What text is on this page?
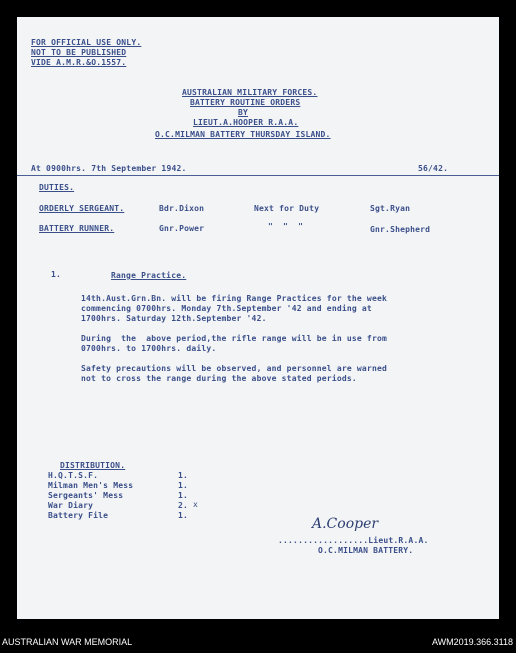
FOR OFFICIAL USE ONLY.
NOT TO BE PUBLISHED
VIDE A.M.R.&O.1557.
AUSTRALIAN MILITARY FORCES.
BATTERY ROUTINE ORDERS
BY
LIEUT.A.HOOPER R.A.A.
O.C.MILMAN BATTERY THURSDAY ISLAND.
At 0900hrs. 7th September 1942.	56/42.
DUTIES.
ORDERLY SERGEANT.	Bdr.Dixon	Next for Duty	Sgt.Ryan
BATTERY RUNNER.	Gnr.Power	"  "  "	Gnr.Shepherd
1.	Range Practice.
14th.Aust.Grn.Bn. will be firing Range Practices for the week
commencing 0700hrs. Monday 7th.September '42 and ending at
1700hrs. Saturday 12th.September '42.
During  the  above period,the rifle range will be in use from
0700hrs. to 1700hrs. daily.
Safety precautions will be observed, and personnel are warned
not to cross the range during the above stated periods.
DISTRIBUTION.
H.Q.T.S.F.	1.
Milman Men's Mess	1.
Sergeants' Mess	1.
War Diary	2. x
Battery File	1.
A.Cooper
..................Lieut.R.A.A.
O.C.MILMAN BATTERY.
AUSTRALIAN WAR MEMORIAL	AWM2019.366.3118
